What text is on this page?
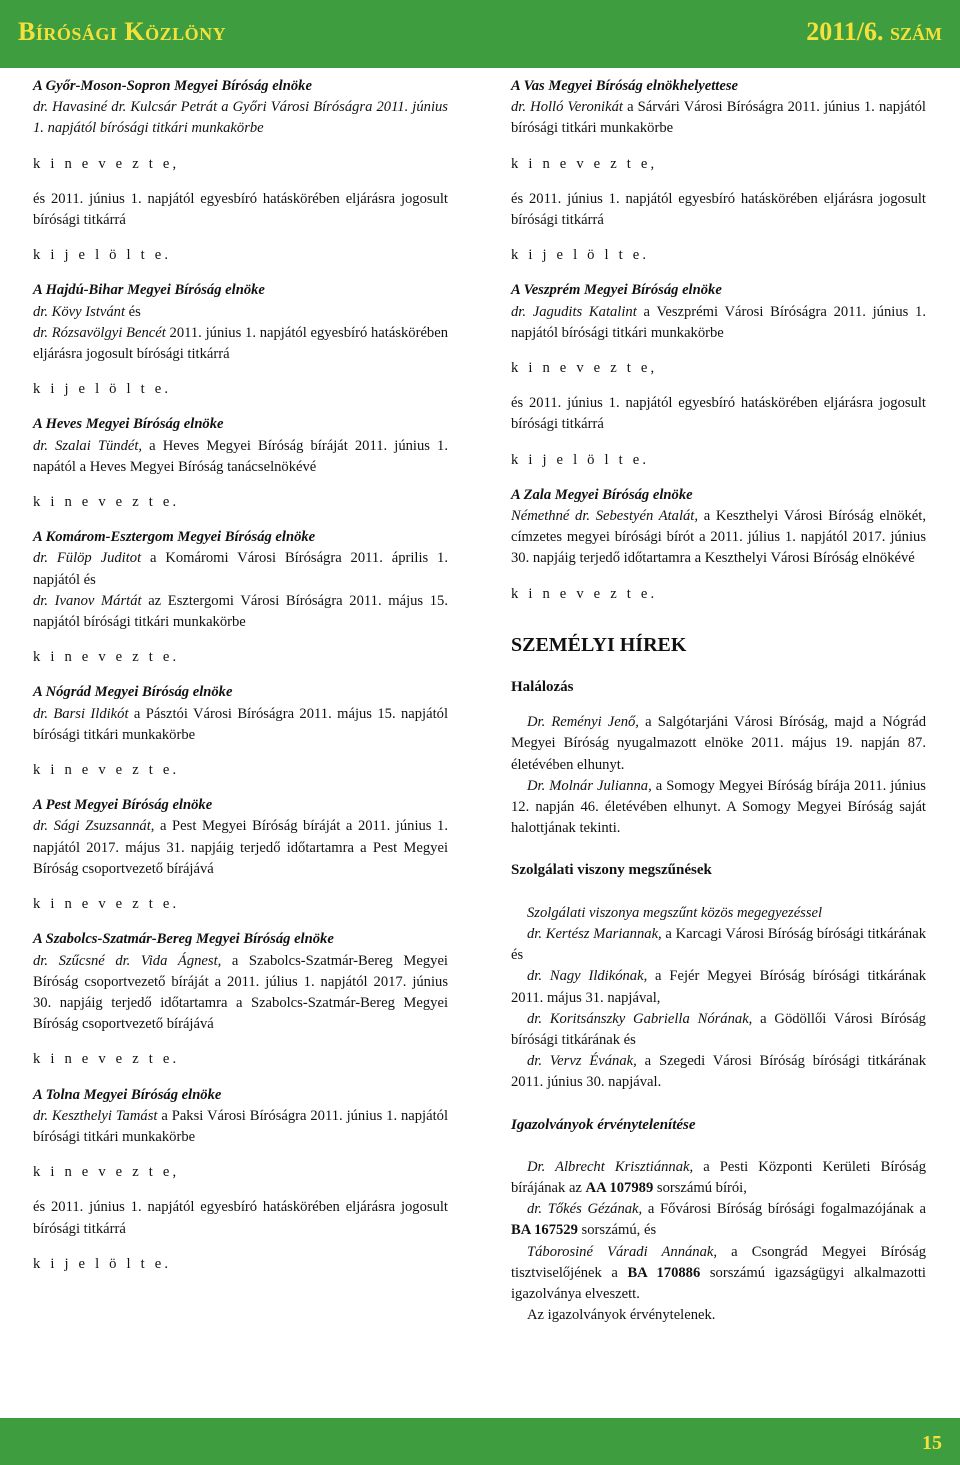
Bírósági Közlöny	2011/6. szám

A Győr-Moson-Sopron Megyei Bíróság elnöke

dr. Havasiné dr. Kulcsár Petrát a Győri Városi Bíróságra 2011. június 1. napjától bírósági titkári munkakörbe

k i n e v e z t e,

és 2011. június 1. napjától egyesbíró hatáskörében eljárásra jogosult bírósági titkárrá

k i j e l ö l t e.

A Hajdú-Bihar Megyei Bíróság elnöke

dr. Kövy Istvánt és

dr. Rózsavölgyi Bencét 2011. június 1. napjától egyesbíró hatáskörében eljárásra jogosult bírósági titkárrá

k i j e l ö l t e.

A Heves Megyei Bíróság elnöke

dr. Szalai Tündét, a Heves Megyei Bíróság bíráját 2011. június 1. napától a Heves Megyei Bíróság tanácselnökévé

k i n e v e z t e.

A Komárom-Esztergom Megyei Bíróság elnöke

dr. Fülöp Juditot a Komáromi Városi Bíróságra 2011. április 1. napjától és

dr. Ivanov Mártát az Esztergomi Városi Bíróságra 2011. május 15. napjától bírósági titkári munkakörbe

k i n e v e z t e.

A Nógrád Megyei Bíróság elnöke

dr. Barsi Ildikót a Pásztói Városi Bíróságra 2011. május 15. napjától bírósági titkári munkakörbe

k i n e v e z t e.

A Pest Megyei Bíróság elnöke

dr. Sági Zsuzsannát, a Pest Megyei Bíróság bíráját a 2011. június 1. napjától 2017. május 31. napjáig terjedő időtartamra a Pest Megyei Bíróság csoportvezető bírájává

k i n e v e z t e.

A Szabolcs-Szatmár-Bereg Megyei Bíróság elnöke

dr. Szűcsné dr. Vida Ágnest, a Szabolcs-Szatmár-Bereg Megyei Bíróság csoportvezető bíráját a 2011. július 1. napjától 2017. június 30. napjáig terjedő időtartamra a Szabolcs-Szatmár-Bereg Megyei Bíróság csoportvezető bírájává

k i n e v e z t e.

A Tolna Megyei Bíróság elnöke

dr. Keszthelyi Tamást a Paksi Városi Bíróságra 2011. június 1. napjától bírósági titkári munkakörbe

k i n e v e z t e,

és 2011. június 1. napjától egyesbíró hatáskörében eljárásra jogosult bírósági titkárrá

k i j e l ö l t e.

A Vas Megyei Bíróság elnökhelyettese

dr. Holló Veronikát a Sárvári Városi Bíróságra 2011. június 1. napjától bírósági titkári munkakörbe

k i n e v e z t e,

és 2011. június 1. napjától egyesbíró hatáskörében eljárásra jogosult bírósági titkárrá

k i j e l ö l t e.

A Veszprém Megyei Bíróság elnöke

dr. Jagudits Katalint a Veszprémi Városi Bíróságra 2011. június 1. napjától bírósági titkári munkakörbe

k i n e v e z t e,

és 2011. június 1. napjától egyesbíró hatáskörében eljárásra jogosult bírósági titkárrá

k i j e l ö l t e.

A Zala Megyei Bíróság elnöke

Némethné dr. Sebestyén Atalát, a Keszthelyi Városi Bíróság elnökét, címzetes megyei bírósági bírót a 2011. július 1. napjától 2017. június 30. napjáig terjedő időtartamra a Keszthelyi Városi Bíróság elnökévé

k i n e v e z t e.

SZEMÉLYI HÍREK

Halálozás

Dr. Reményi Jenő, a Salgótarjáni Városi Bíróság, majd a Nógrád Megyei Bíróság nyugalmazott elnöke 2011. május 19. napján 87. életévében elhunyt.

Dr. Molnár Julianna, a Somogy Megyei Bíróság bírája 2011. június 12. napján 46. életévében elhunyt. A Somogy Megyei Bíróság saját halottjának tekinti.

Szolgálati viszony megszűnések

Szolgálati viszonya megszűnt közös megegyezéssel

dr. Kertész Mariannak, a Karcagi Városi Bíróság bírósági titkárának és

dr. Nagy Ildikónak, a Fejér Megyei Bíróság bírósági titkárának 2011. május 31. napjával,

dr. Koritsánszky Gabriella Nórának, a Gödöllői Városi Bíróság bírósági titkárának és

dr. Vervz Évának, a Szegedi Városi Bíróság bírósági titkárának 2011. június 30. napjával.

Igazolványok érvénytelenítése

Dr. Albrecht Krisztiánnak, a Pesti Központi Kerületi Bíróság bírájának az AA 107989 sorszámú bírói,

dr. Tőkés Gézának, a Fővárosi Bíróság bírósági fogalmazójának a BA 167529 sorszámú, és

Táborosiné Váradi Annának, a Csongrád Megyei Bíróság tisztviselőjének a BA 170886 sorszámú igazságügyi alkalmazotti igazolványa elveszett.

Az igazolványok érvénytelenek.

15
